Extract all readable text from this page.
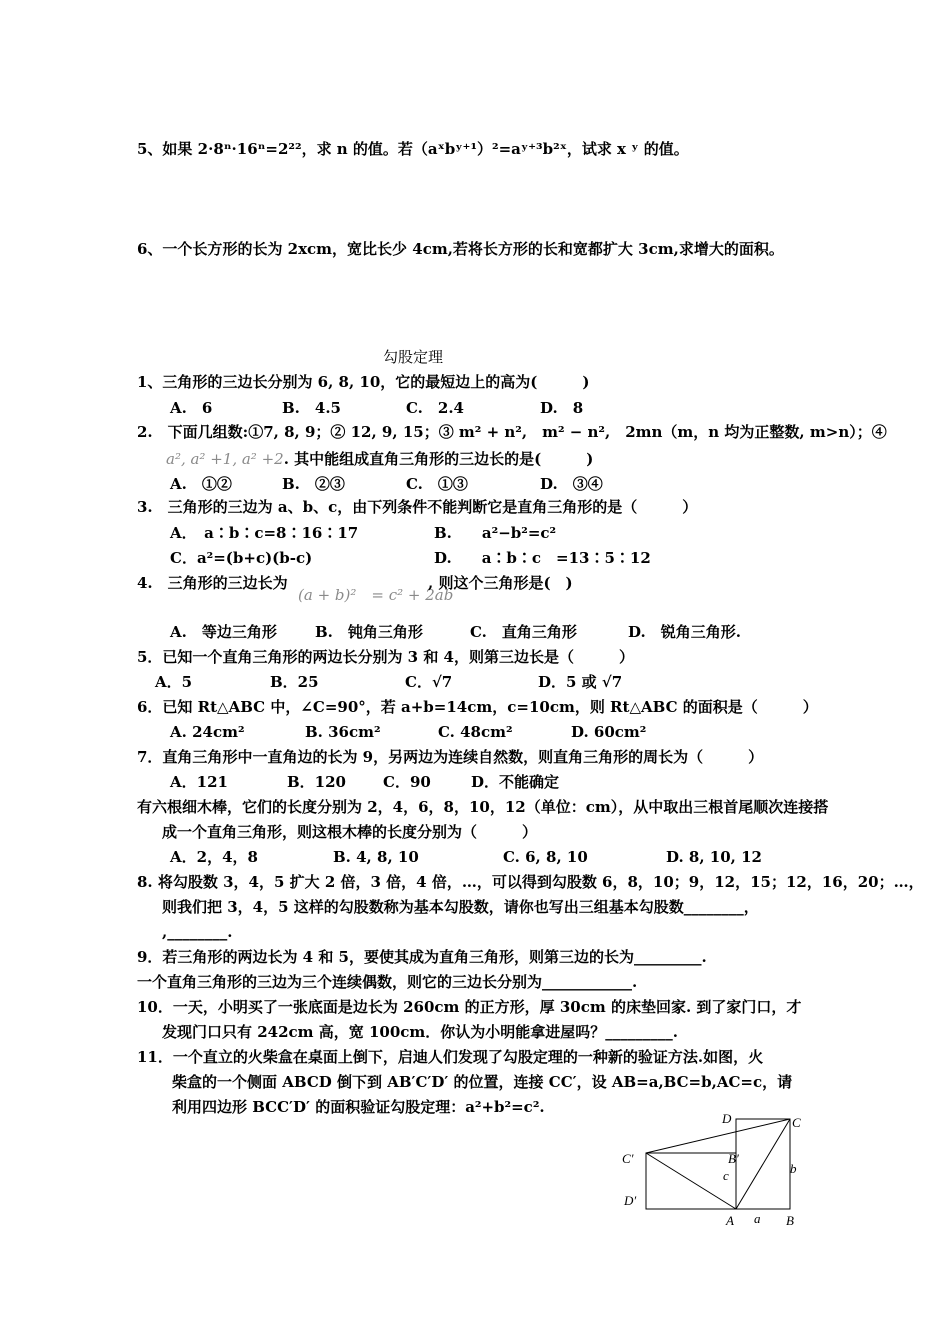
5、如果 2·8ⁿ·16ⁿ=2²²，求 n 的值。若（aˣbʸ⁺¹）²=aʸ⁺³b²ˣ，试求 x ʸ 的值。
6、一个长方形的长为 2xcm，宽比长少 4cm,若将长方形的长和宽都扩大 3cm,求增大的面积。
勾股定理
1、三角形的三边长分别为 6, 8, 10，它的最短边上的高为(　　　)
A.　6	B.　4.5	C.　2.4	D.　8
2.　下面几组数:①7, 8, 9；② 12, 9, 15；③ m² + n²,　m² − n²,　2mn（m，n 均为正整数, m>n）；④
a², a² +1, a² +2. 其中能组成直角三角形的三边长的是(　　　)
A.　①②	B.　②③	C.　①③	D.　③④
3.　三角形的三边为 a、b、c，由下列条件不能判断它是直角三角形的是（　　　）
A．　a∶b∶c=8∶16∶17	B.　　a²−b²=c²
C．a²=(b+c)(b-c)	D.　　a∶b∶c　=13∶5∶12
4.　三角形的三边长为
(a + b)²　= c² + 2ab
, 则这个三角形是(　)
A.　等边三角形	B.　钝角三角形	C.　直角三角形	D.　锐角三角形.
5．已知一个直角三角形的两边长分别为 3 和 4，则第三边长是（　　　）
A．5	B．25	C．√7	D．5 或 √7
6．已知 Rt△ABC 中，∠C=90°，若 a+b=14cm，c=10cm，则 Rt△ABC 的面积是（　　　）
A. 24cm²	B. 36cm²	C. 48cm²	D. 60cm²
7．直角三角形中一直角边的长为 9，另两边为连续自然数，则直角三角形的周长为（　　　）
A．121	B．120 C．90	D．不能确定
有六根细木棒，它们的长度分别为 2，4，6，8，10，12（单位：cm），从中取出三根首尾顺次连接搭
成一个直角三角形，则这根木棒的长度分别为（　　　）
A．2，4，8	B. 4, 8, 10	C. 6, 8, 10	D. 8, 10, 12
8. 将勾股数 3，4，5 扩大 2 倍，3 倍，4 倍，…，可以得到勾股数 6，8，10；9，12，15；12，16，20；…，
则我们把 3，4，5 这样的勾股数称为基本勾股数，请你也写出三组基本勾股数________，
,________.
9．若三角形的两边长为 4 和 5，要使其成为直角三角形，则第三边的长为_________.
一个直角三角形的三边为三个连续偶数，则它的三边长分别为____________.
10．一天，小明买了一张底面是边长为 260cm 的正方形，厚 30cm 的床垫回家. 到了家门口，才
发现门口只有 242cm 高，宽 100cm．你认为小明能拿进屋吗？_________.
11．一个直立的火柴盒在桌面上倒下，启迪人们发现了勾股定理的一种新的验证方法.如图，火
柴盒的一个侧面 ABCD 倒下到 AB′C′D′ 的位置，连接 CC′，设 AB=a,BC=b,AC=c，请
利用四边形 BCC′D′ 的面积验证勾股定理：a²+b²=c².
D	C
C′	B′
b
c
D′
A a B
